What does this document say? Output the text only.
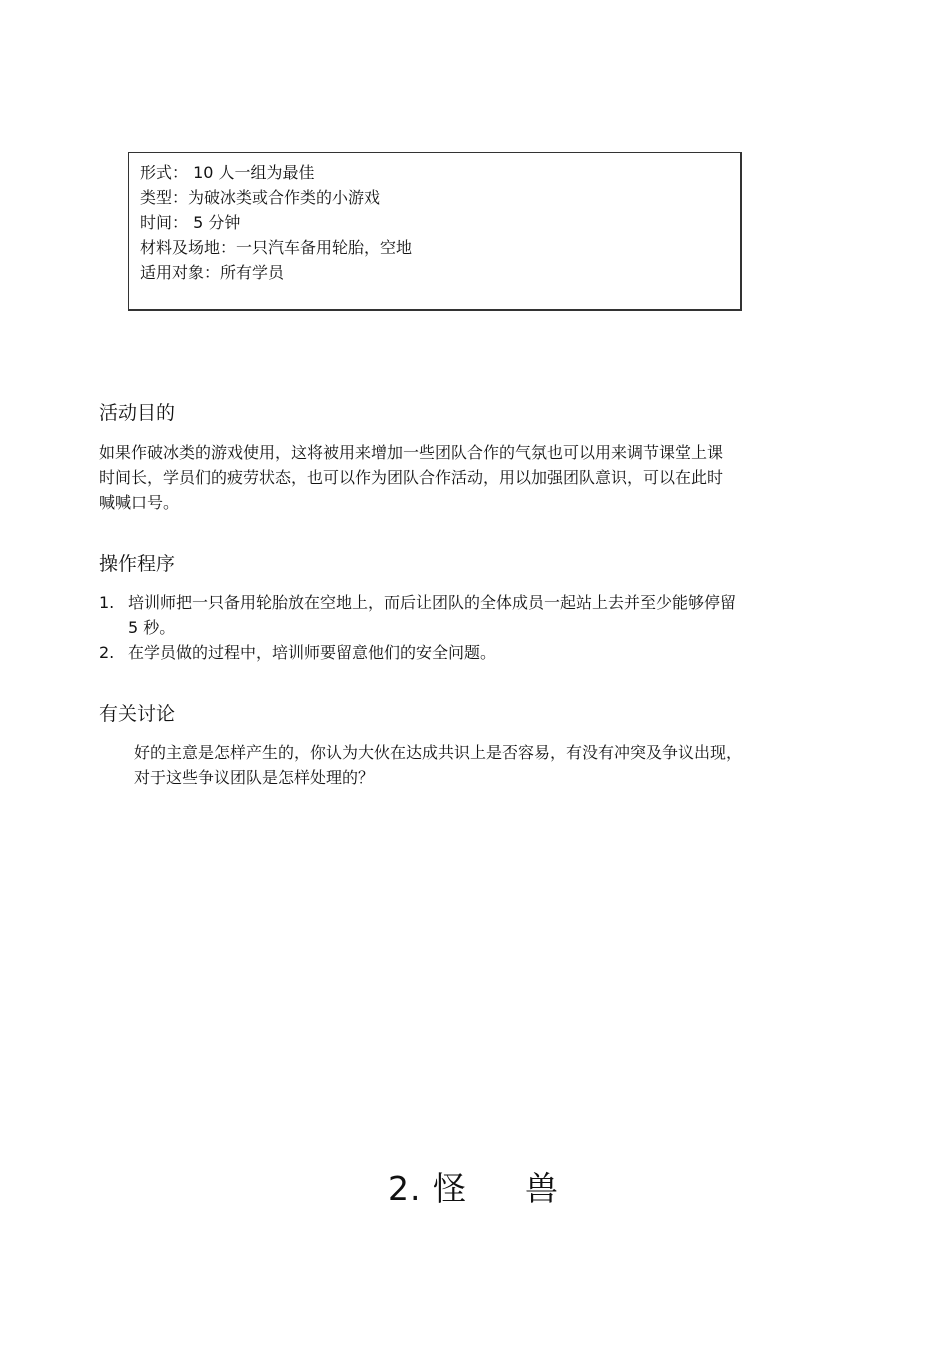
形式： 10 人一组为最佳
类型：为破冰类或合作类的小游戏
时间： 5 分钟
材料及场地：一只汽车备用轮胎，空地
适用对象：所有学员
活动目的
如果作破冰类的游戏使用，这将被用来增加一些团队合作的气氛也可以用来调节课堂上课
时间长，学员们的疲劳状态，也可以作为团队合作活动，用以加强团队意识，可以在此时
喊喊口号。
操作程序
1. 培训师把一只备用轮胎放在空地上，而后让团队的全体成员一起站上去并至少能够停留
5 秒。
2. 在学员做的过程中，培训师要留意他们的安全问题。
有关讨论
好的主意是怎样产生的，你认为大伙在达成共识上是否容易，有没有冲突及争议出现，
对于这些争议团队是怎样处理的？
2. 怪 兽
